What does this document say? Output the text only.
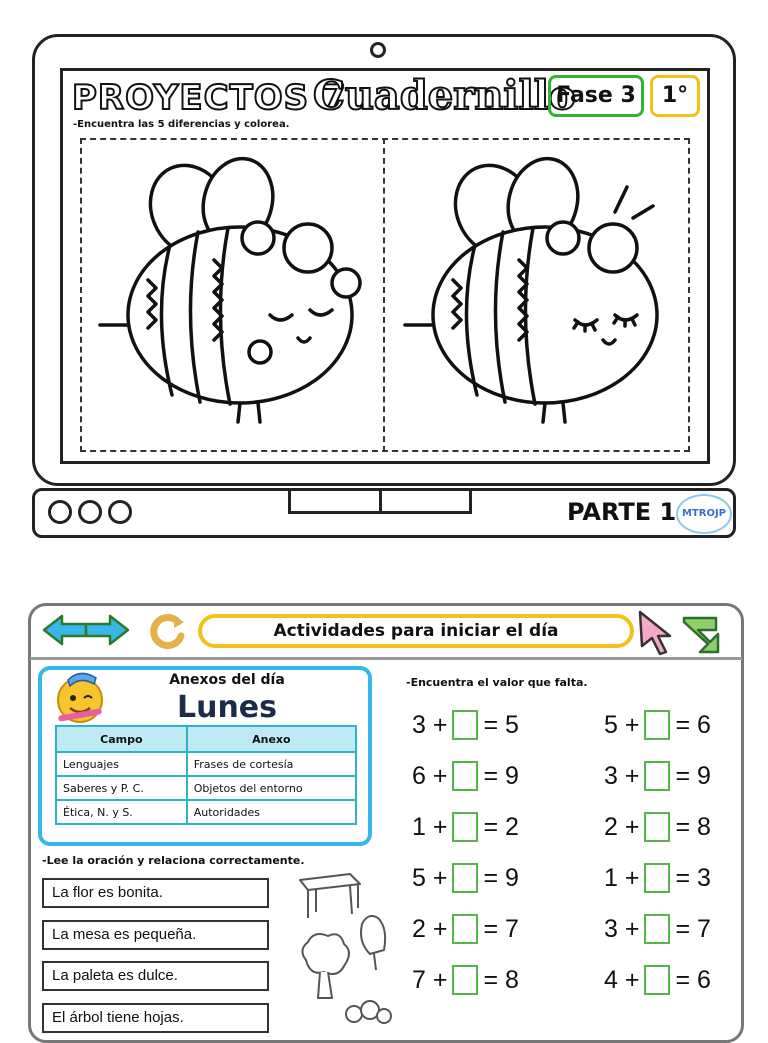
PROYECTOS 7
Cuadernillo
Fase 3	1°
-Encuentra las 5 diferencias y colorea.
PARTE 1 MTROJP
Actividades para iniciar el día
Anexos del día
Lunes
Campo	Anexo
Lenguajes	Frases de cortesía
Saberes y P. C.	Objetos del entorno
Ética, N. y S.	Autoridades
-Encuentra el valor que falta.
3 + = 5
6 + = 9
1 + = 2
5 + = 9
2 + = 7
7 + = 8
5 + = 6
3 + = 9
2 + = 8
1 + = 3
3 + = 7
4 + = 6
-Lee la oración y relaciona correctamente.
La flor es bonita.
La mesa es pequeña.
La paleta es dulce.
El árbol tiene hojas.
